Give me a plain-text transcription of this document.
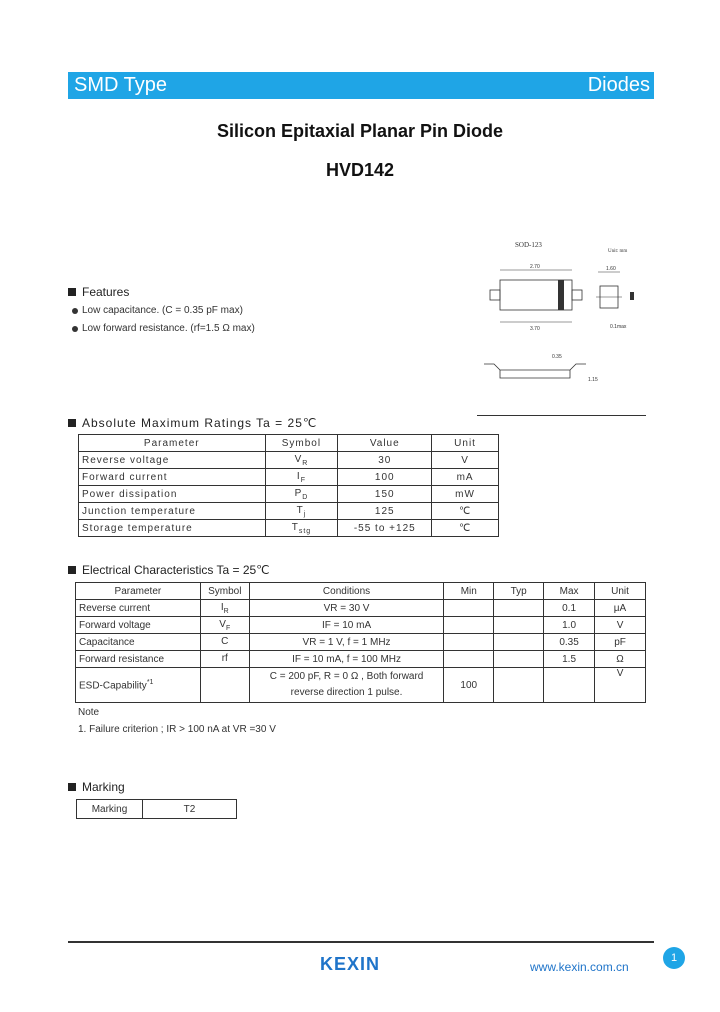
SMD Type	Diodes
Silicon Epitaxial Planar Pin Diode
HVD142
SOD-123
Unit: mm
2.70
3.70
1.60
0.1max
0.35
1.15
Features
Low capacitance. (C = 0.35 pF max)
Low forward resistance. (rf=1.5 Ω max)
Absolute Maximum Ratings Ta = 25℃
Parameter	Symbol	Value	Unit
Reverse voltage	$V_R$	30	V
Forward current	$I_F$	100	mA
Power dissipation	$P_D$	150	mW
Junction temperature	$T_j$	125	℃
Storage temperature	$T_{stg}$	-55 to +125	℃
Electrical Characteristics Ta = 25℃
Parameter	Symbol	Conditions	Min	Typ	Max	Unit
Reverse current	$I_R$	VR = 30 V			0.1	μA
Forward voltage	$V_F$	IF = 10 mA			1.0	V
Capacitance	C	VR = 1 V, f = 1 MHz			0.35	pF
Forward resistance	rf	IF = 10 mA, f = 100 MHz			1.5	Ω
ESD-Capability$^{*1}$		C = 200 pF, R = 0 Ω , Both forward
reverse direction 1 pulse.	100			V
Note
1. Failure criterion ; IR > 100 nA at VR =30 V
Marking
Marking	T2
KEXIN	www.kexin.com.cn
1
